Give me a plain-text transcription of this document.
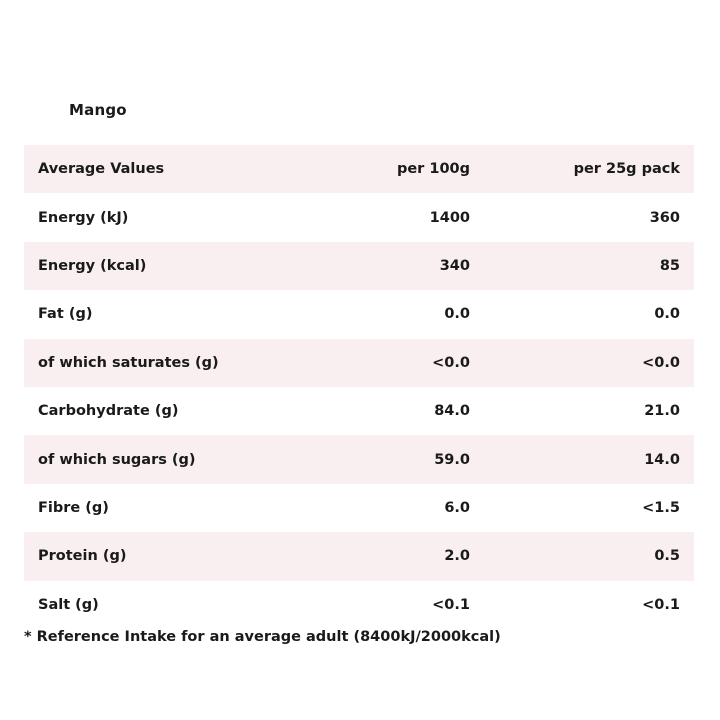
Mango
Average Values	per 100g	per 25g pack
Energy (kJ)	1400	360
Energy (kcal)	340	85
Fat (g)	0.0	0.0
of which saturates (g)	<0.0	<0.0
Carbohydrate (g)	84.0	21.0
of which sugars (g)	59.0	14.0
Fibre (g)	6.0	<1.5
Protein (g)	2.0	0.5
Salt (g)	<0.1	<0.1
* Reference Intake for an average adult (8400kJ/2000kcal)
